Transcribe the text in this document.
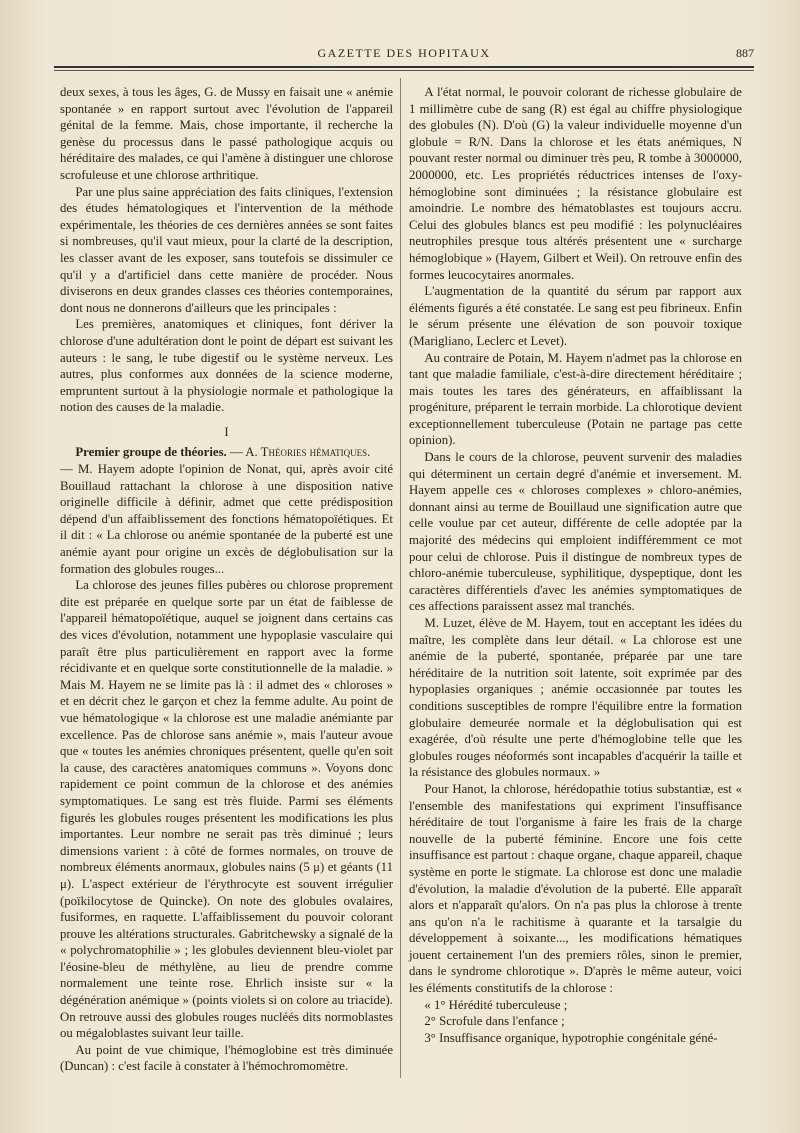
GAZETTE DES HOPITAUX	887

deux sexes, à tous les âges, G. de Mussy en faisait une « anémie spontanée » en rapport surtout avec l'évolution de l'appareil génital de la femme. Mais, chose importante, il recherche la genèse du processus dans le passé pathologique acquis ou héréditaire des malades, ce qui l'amène à distinguer une chlorose scrofuleuse et une chlorose arthritique.

Par une plus saine appréciation des faits cliniques, l'extension des études hématologiques et l'intervention de la méthode expérimentale, les théories de ces dernières années se sont faites si nombreuses, qu'il vaut mieux, pour la clarté de la description, les classer avant de les exposer, sans toutefois se dissimuler ce qu'il y a d'artificiel dans cette manière de procéder. Nous diviserons en deux grandes classes ces théories contemporaines, dont nous ne donnerons d'ailleurs que les principales :

Les premières, anatomiques et cliniques, font dériver la chlorose d'une adultération dont le point de départ est suivant les auteurs : le sang, le tube digestif ou le système nerveux. Les autres, plus conformes aux données de la science moderne, empruntent surtout à la physiologie normale et pathologique la notion des causes de la maladie.

I

Premier groupe de théories. — A. Théories hématiques.

— M. Hayem adopte l'opinion de Nonat, qui, après avoir cité Bouillaud rattachant la chlorose à une disposition native originelle difficile à définir, admet que cette prédisposition dépend d'un affaiblissement des fonctions hématopoïétiques. Et il dit : « La chlorose ou anémie spontanée de la puberté est une anémie ayant pour origine un excès de déglobulisation sur la formation des globules rouges...

La chlorose des jeunes filles pubères ou chlorose proprement dite est préparée en quelque sorte par un état de faiblesse de l'appareil hématopoïétique, auquel se joignent dans certains cas des vices d'évolution, notamment une hypoplasie vasculaire qui paraît être plus particulièrement en rapport avec la forme récidivante et en quelque sorte constitutionnelle de la maladie. » Mais M. Hayem ne se limite pas là : il admet des « chloroses » et en décrit chez le garçon et chez la femme adulte. Au point de vue hématologique « la chlorose est une maladie anémiante par excellence. Pas de chlorose sans anémie », mais l'auteur avoue que « toutes les anémies chroniques présentent, quelle qu'en soit la cause, des caractères anatomiques communs ». Voyons donc rapidement ce point commun de la chlorose et des anémies symptomatiques. Le sang est très fluide. Parmi ses éléments figurés les globules rouges présentent les modifications les plus importantes. Leur nombre ne serait pas très diminué ; leurs dimensions varient : à côté de formes normales, on trouve de nombreux éléments anormaux, globules nains (5 μ) et géants (11 μ). L'aspect extérieur de l'érythrocyte est souvent irrégulier (poïkilocytose de Quincke). On note des globules ovalaires, fusiformes, en raquette. L'affaiblissement du pouvoir colorant prouve les altérations structurales. Gabritchewsky a signalé de la « polychromatophilie » ; les globules deviennent bleu-violet par l'éosine-bleu de méthylène, au lieu de prendre comme normalement une teinte rose. Ehrlich insiste sur « la dégénération anémique » (points violets si on colore au triacide). On retrouve aussi des globules rouges nucléés dits normoblastes ou mégaloblastes suivant leur taille.

Au point de vue chimique, l'hémoglobine est très diminuée (Duncan) : c'est facile à constater à l'hémochromomètre.

A l'état normal, le pouvoir colorant de richesse globulaire de 1 millimètre cube de sang (R) est égal au chiffre physiologique des globules (N). D'où (G) la valeur individuelle moyenne d'un globule = R/N. Dans la chlorose et les états anémiques, N pouvant rester normal ou diminuer très peu, R tombe à 3000000, 2000000, etc. Les propriétés réductrices intenses de l'oxy-hémoglobine sont diminuées ; la résistance globulaire est amoindrie. Le nombre des hématoblastes est toujours accru. Celui des globules blancs est peu modifié : les polynucléaires neutrophiles presque tous altérés présentent une « surcharge hémoglobique » (Hayem, Gilbert et Weil). On retrouve enfin des formes leucocytaires anormales.

L'augmentation de la quantité du sérum par rapport aux éléments figurés a été constatée. Le sang est peu fibrineux. Enfin le sérum présente une élévation de son pouvoir toxique (Marigliano, Leclerc et Levet).

Au contraire de Potain, M. Hayem n'admet pas la chlorose en tant que maladie familiale, c'est-à-dire directement héréditaire ; mais toutes les tares des générateurs, en affaiblissant la progéniture, préparent le terrain morbide. La chlorotique devient exceptionnellement tuberculeuse (Potain ne partage pas cette opinion).

Dans le cours de la chlorose, peuvent survenir des maladies qui déterminent un certain degré d'anémie et inversement. M. Hayem appelle ces « chloroses complexes » chloro-anémies, donnant ainsi au terme de Bouillaud une signification autre que celle voulue par cet auteur, différente de celle adoptée par la majorité des médecins qui emploient indifféremment ce mot pour celui de chlorose. Puis il distingue de nombreux types de chloro-anémie tuberculeuse, syphilitique, dyspeptique, dont les caractères différentiels d'avec les anémies symptomatiques de ces affections paraissent assez mal tranchés.

M. Luzet, élève de M. Hayem, tout en acceptant les idées du maître, les complète dans leur détail. « La chlorose est une anémie de la puberté, spontanée, préparée par une tare héréditaire de la nutrition soit latente, soit exprimée par des hypoplasies organiques ; anémie occasionnée par toutes les conditions susceptibles de rompre l'équilibre entre la formation globulaire demeurée normale et la déglobulisation qui est exagérée, d'où résulte une perte d'hémoglobine telle que les globules rouges néoformés sont incapables d'acquérir la taille et la résistance des globules normaux. »

Pour Hanot, la chlorose, hérédopathie totius substantiæ, est « l'ensemble des manifestations qui expriment l'insuffisance héréditaire de tout l'organisme à faire les frais de la charge nouvelle de la puberté féminine. Encore une fois cette insuffisance est partout : chaque organe, chaque appareil, chaque système en porte le stigmate. La chlorose est donc une maladie d'évolution, la maladie d'évolution de la puberté. Elle apparaît alors et n'apparaît qu'alors. On n'a pas plus la chlorose à trente ans qu'on n'a le rachitisme à quarante et la tarsalgie du développement à soixante..., les modifications hématiques jouent certainement l'un des premiers rôles, sinon le premier, dans le syndrome chlorotique ». D'après le même auteur, voici les éléments constitutifs de la chlorose :

« 1° Hérédité tuberculeuse ;

2° Scrofule dans l'enfance ;

3° Insuffisance organique, hypotrophie congénitale géné-
